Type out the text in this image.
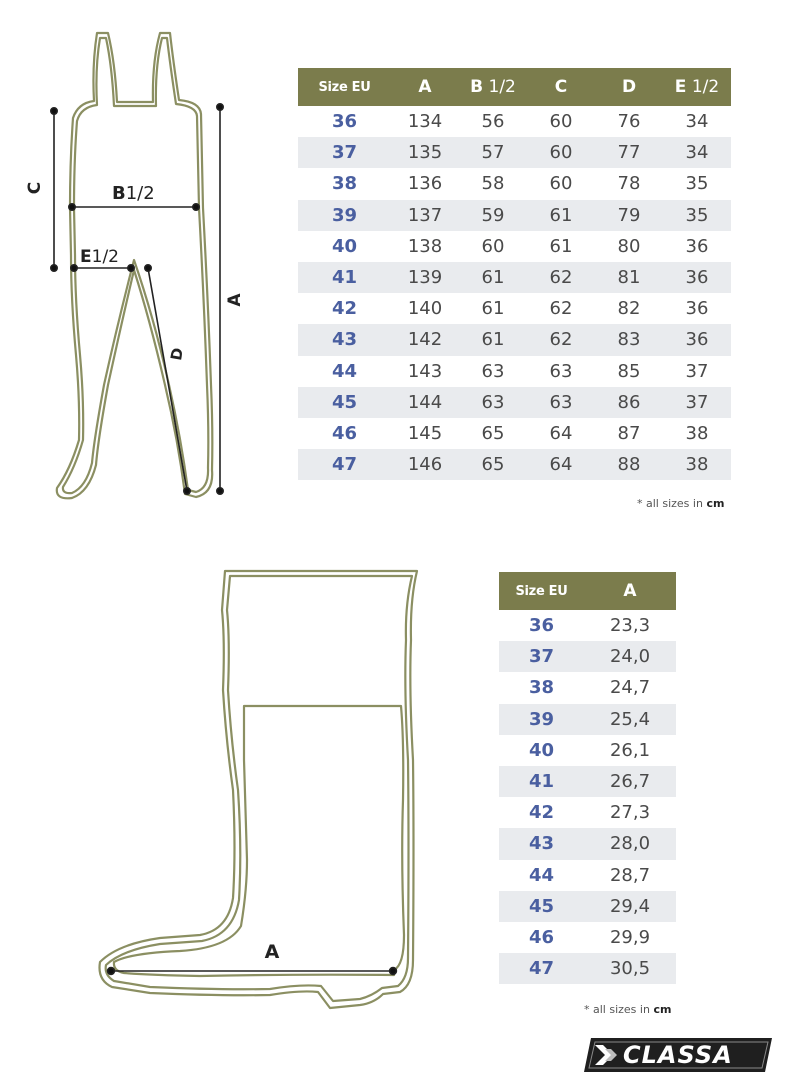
C	B1/2
E1/2
A
D
A
Size EU	A	B 1/2	C	D	E 1/2
36	134	56	60	76	34
37	135	57	60	77	34
38	136	58	60	78	35
39	137	59	61	79	35
40	138	60	61	80	36
41	139	61	62	81	36
42	140	61	62	82	36
43	142	61	62	83	36
44	143	63	63	85	37
45	144	63	63	86	37
46	145	65	64	87	38
47	146	65	64	88	38
* all sizes in cm
Size EU	A
36	23,3
37	24,0
38	24,7
39	25,4
40	26,1
41	26,7
42	27,3
43	28,0
44	28,7
45	29,4
46	29,9
47	30,5
* all sizes in cm
CLASSA
